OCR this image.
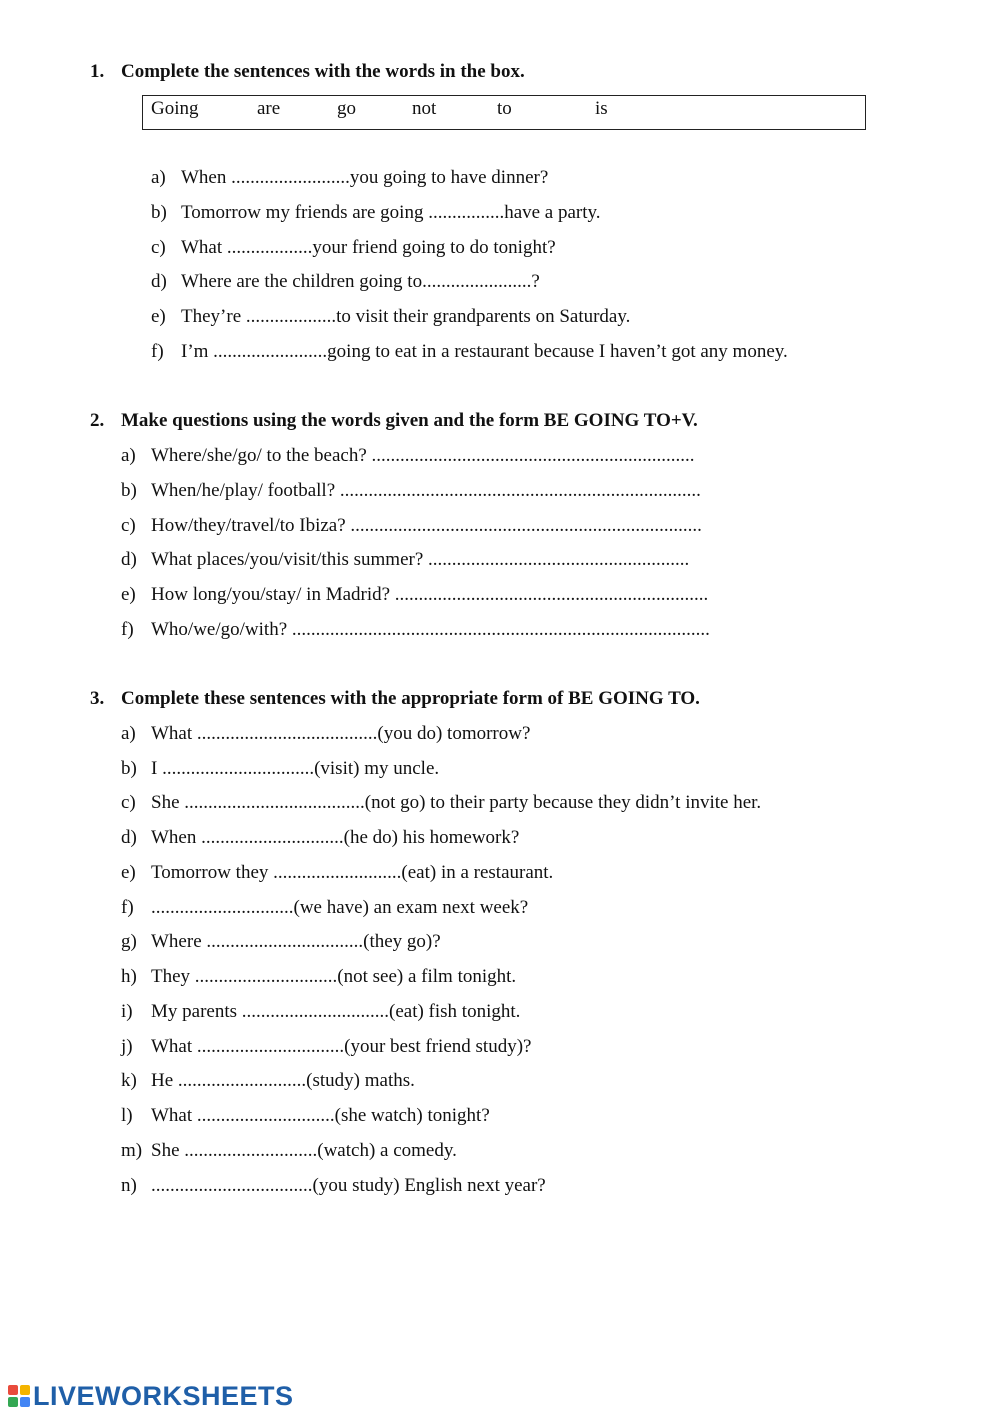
1. Complete the sentences with the words in the box.
Going	are	go	not	to	is
a) When .........................you going to have dinner?
b) Tomorrow my friends are going ................have a party.
c) What ..................your friend going to do tonight?
d) Where are the children going to.......................?
e) They’re ...................to visit their grandparents on Saturday.
f) I’m ........................going to eat in a restaurant because I haven’t got any money.
2. Make questions using the words given and the form BE GOING TO+V.
a) Where/she/go/ to the beach? ....................................................................
b) When/he/play/ football? ............................................................................
c) How/they/travel/to Ibiza? ..........................................................................
d) What places/you/visit/this summer? .......................................................
e) How long/you/stay/ in Madrid? ..................................................................
f) Who/we/go/with? ........................................................................................
3. Complete these sentences with the appropriate form of BE GOING TO.
a) What ......................................(you do) tomorrow?
b) I ................................(visit) my uncle.
c) She ......................................(not go) to their party because they didn’t invite her.
d) When ..............................(he do) his homework?
e) Tomorrow they ...........................(eat) in a restaurant.
f) ..............................(we have) an exam next week?
g) Where .................................(they go)?
h) They ..............................(not see) a film tonight.
i) My parents ...............................(eat) fish tonight.
j) What ...............................(your best friend study)?
k) He ...........................(study) maths.
l) What .............................(she watch) tonight?
m) She ............................(watch) a comedy.
n) ..................................(you study) English next year?
LIVEWORKSHEETS
